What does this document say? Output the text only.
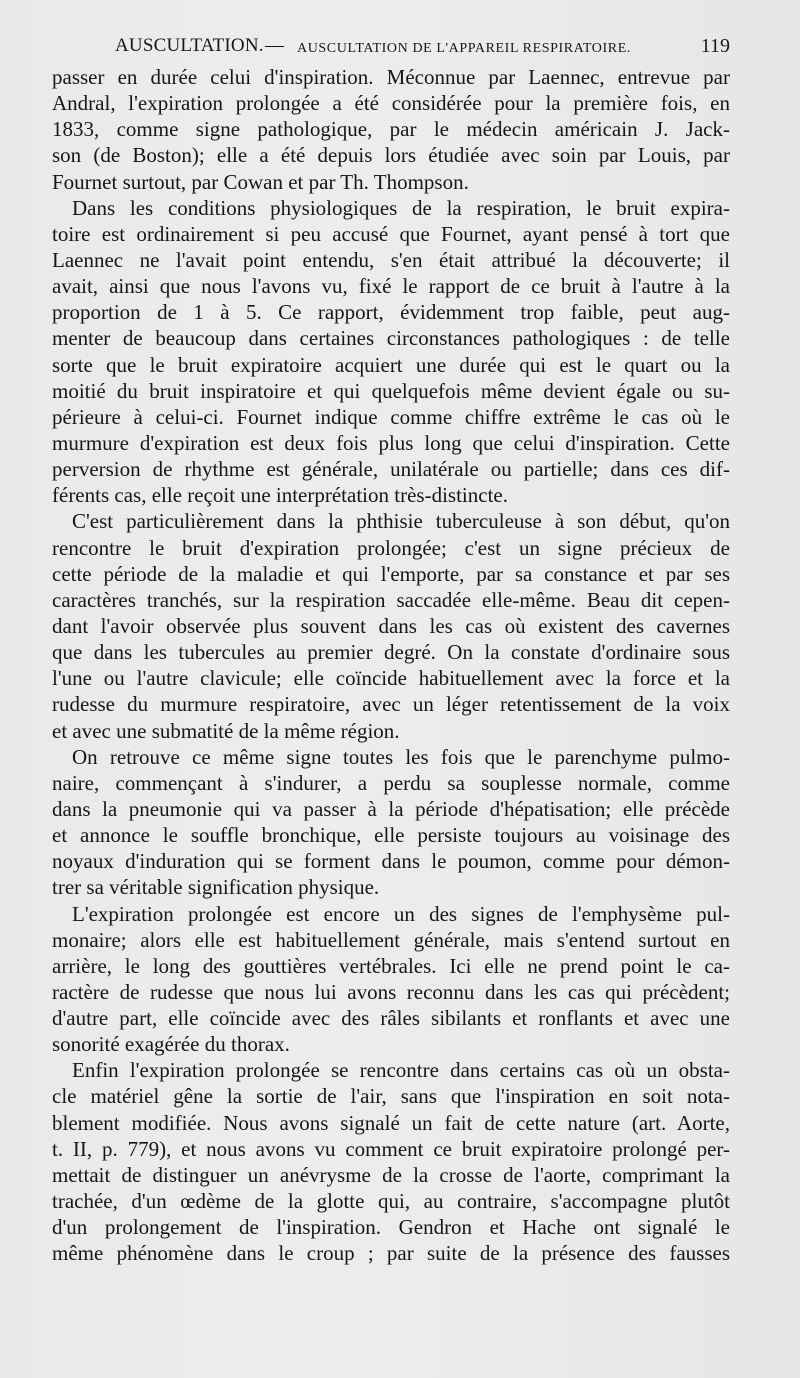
AUSCULTATION. — AUSCULTATION DE L'APPAREIL RESPIRATOIRE.	119
passer en durée celui d'inspiration. Méconnue par Laennec, entrevue par
Andral, l'expiration prolongée a été considérée pour la première fois, en
1833, comme signe pathologique, par le médecin américain J. Jack-
son (de Boston); elle a été depuis lors étudiée avec soin par Louis, par
Fournet surtout, par Cowan et par Th. Thompson.
Dans les conditions physiologiques de la respiration, le bruit expira-
toire est ordinairement si peu accusé que Fournet, ayant pensé à tort que
Laennec ne l'avait point entendu, s'en était attribué la découverte; il
avait, ainsi que nous l'avons vu, fixé le rapport de ce bruit à l'autre à la
proportion de 1 à 5. Ce rapport, évidemment trop faible, peut aug-
menter de beaucoup dans certaines circonstances pathologiques : de telle
sorte que le bruit expiratoire acquiert une durée qui est le quart ou la
moitié du bruit inspiratoire et qui quelquefois même devient égale ou su-
périeure à celui-ci. Fournet indique comme chiffre extrême le cas où le
murmure d'expiration est deux fois plus long que celui d'inspiration. Cette
perversion de rhythme est générale, unilatérale ou partielle; dans ces dif-
férents cas, elle reçoit une interprétation très-distincte.
C'est particulièrement dans la phthisie tuberculeuse à son début, qu'on
rencontre le bruit d'expiration prolongée; c'est un signe précieux de
cette période de la maladie et qui l'emporte, par sa constance et par ses
caractères tranchés, sur la respiration saccadée elle-même. Beau dit cepen-
dant l'avoir observée plus souvent dans les cas où existent des cavernes
que dans les tubercules au premier degré. On la constate d'ordinaire sous
l'une ou l'autre clavicule; elle coïncide habituellement avec la force et la
rudesse du murmure respiratoire, avec un léger retentissement de la voix
et avec une submatité de la même région.
On retrouve ce même signe toutes les fois que le parenchyme pulmo-
naire, commençant à s'indurer, a perdu sa souplesse normale, comme
dans la pneumonie qui va passer à la période d'hépatisation; elle précède
et annonce le souffle bronchique, elle persiste toujours au voisinage des
noyaux d'induration qui se forment dans le poumon, comme pour démon-
trer sa véritable signification physique.
L'expiration prolongée est encore un des signes de l'emphysème pul-
monaire; alors elle est habituellement générale, mais s'entend surtout en
arrière, le long des gouttières vertébrales. Ici elle ne prend point le ca-
ractère de rudesse que nous lui avons reconnu dans les cas qui précèdent;
d'autre part, elle coïncide avec des râles sibilants et ronflants et avec une
sonorité exagérée du thorax.
Enfin l'expiration prolongée se rencontre dans certains cas où un obsta-
cle matériel gêne la sortie de l'air, sans que l'inspiration en soit nota-
blement modifiée. Nous avons signalé un fait de cette nature (art. Aorte,
t. II, p. 779), et nous avons vu comment ce bruit expiratoire prolongé per-
mettait de distinguer un anévrysme de la crosse de l'aorte, comprimant la
trachée, d'un œdème de la glotte qui, au contraire, s'accompagne plutôt
d'un prolongement de l'inspiration. Gendron et Hache ont signalé le
même phénomène dans le croup ; par suite de la présence des fausses
